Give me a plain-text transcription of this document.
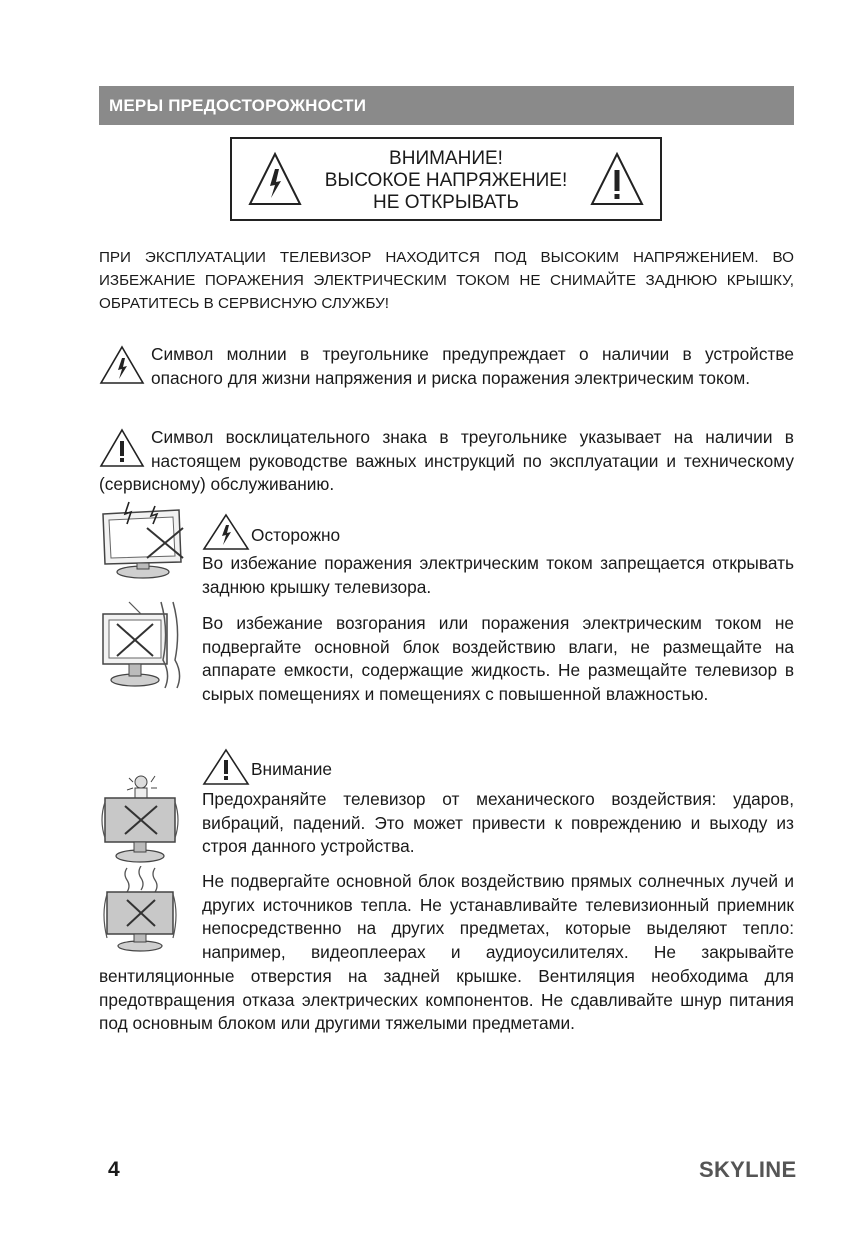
МЕРЫ ПРЕДОСТОРОЖНОСТИ
ВНИМАНИЕ!
ВЫСОКОЕ НАПРЯЖЕНИЕ!
НЕ ОТКРЫВАТЬ
ПРИ ЭКСПЛУАТАЦИИ ТЕЛЕВИЗОР НАХОДИТСЯ ПОД ВЫСОКИМ НАПРЯЖЕНИЕМ. ВО ИЗБЕЖАНИЕ ПОРАЖЕНИЯ ЭЛЕКТРИЧЕСКИМ ТОКОМ НЕ СНИМАЙТЕ ЗАДНЮЮ КРЫШКУ, ОБРАТИТЕСЬ В СЕРВИСНУЮ СЛУЖБУ!
Символ молнии в треугольнике предупреждает о наличии в устройстве опасного для жизни напряжения и риска поражения электрическим током.
Символ восклицательного знака в треугольнике указывает на наличии в настоящем руководстве важных инструкций по эксплуатации и техническому (сервисному) обслуживанию.
Осторожно
Во избежание поражения электрическим током запрещается открывать заднюю крышку телевизора.
Во избежание возгорания или поражения электрическим током не подвергайте основной блок воздействию влаги, не размещайте на аппарате емкости, содержащие жидкость. Не размещайте телевизор в сырых помещениях и помещениях с повышенной влажностью.
Внимание
Предохраняйте телевизор от механического воздействия: ударов, вибраций, падений. Это может привести к повреждению и выходу из строя данного устройства.
Не подвергайте основной блок воздействию прямых солнечных лучей и других источников тепла. Не устанавливайте телевизионный приемник непосредственно на других предметах, которые выделяют тепло: например, видеоплеерах и аудиоусилителях. Не закрывайте вентиляционные отверстия на задней крышке. Вентиляция необходима для предотвращения отказа электрических компонентов. Не сдавливайте шнур питания под основным блоком или другими тяжелыми предметами.
4	SKYLINE
